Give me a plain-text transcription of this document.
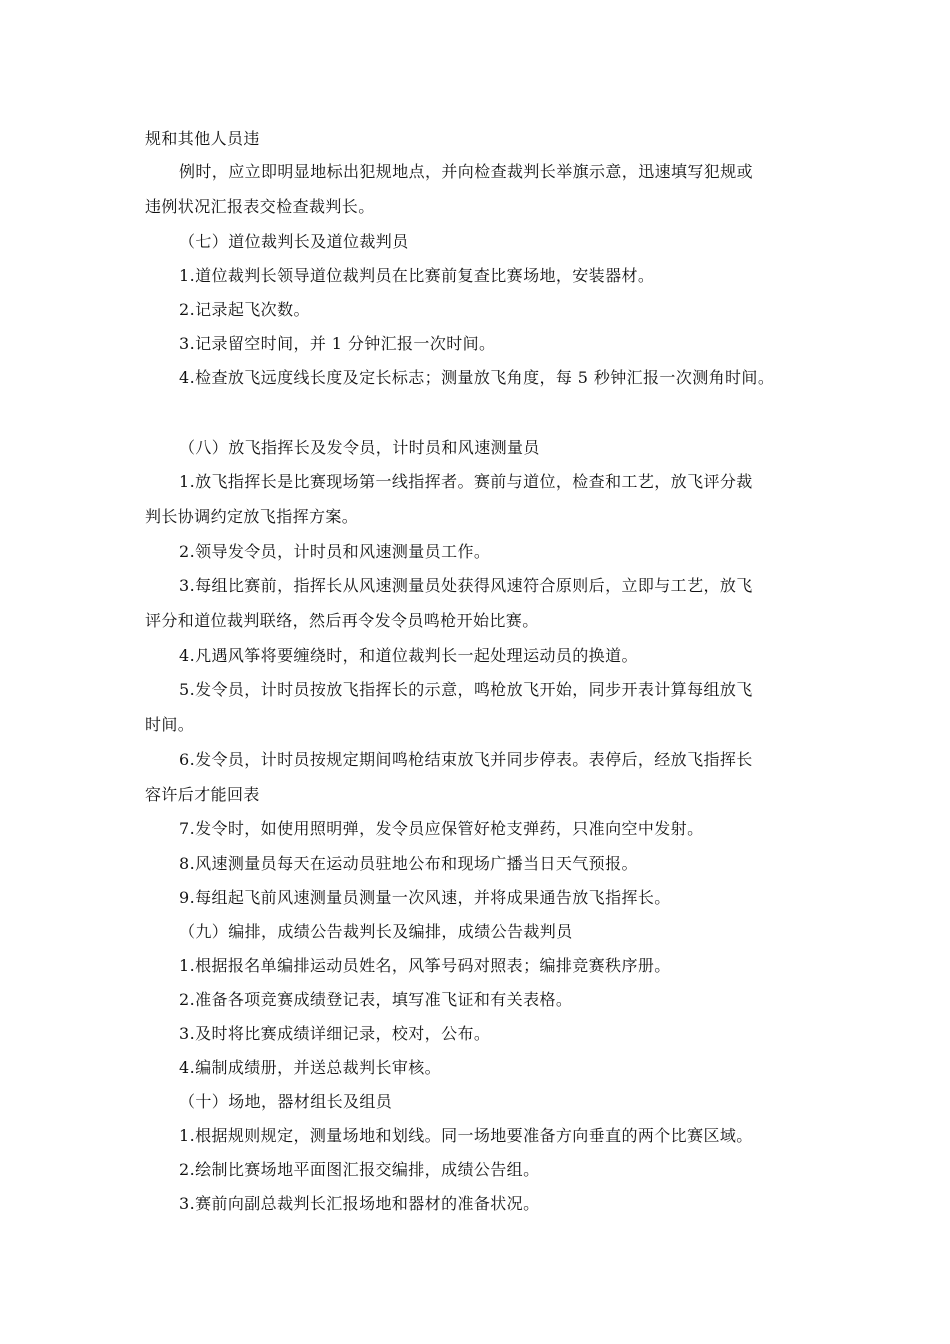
规和其他人员违
例时，应立即明显地标出犯规地点，并向检查裁判长举旗示意，迅速填写犯规或
违例状况汇报表交检查裁判长。
（七）道位裁判长及道位裁判员
1.道位裁判长领导道位裁判员在比赛前复查比赛场地，安装器材。
2.记录起飞次数。
3.记录留空时间，并 1 分钟汇报一次时间。
4.检查放飞远度线长度及定长标志；测量放飞角度，每 5 秒钟汇报一次测角时间。
（八）放飞指挥长及发令员，计时员和风速测量员
1.放飞指挥长是比赛现场第一线指挥者。赛前与道位，检查和工艺，放飞评分裁
判长协调约定放飞指挥方案。
2.领导发令员，计时员和风速测量员工作。
3.每组比赛前，指挥长从风速测量员处获得风速符合原则后，立即与工艺，放飞
评分和道位裁判联络，然后再令发令员鸣枪开始比赛。
4.凡遇风筝将要缠绕时，和道位裁判长一起处理运动员的换道。
5.发令员，计时员按放飞指挥长的示意，鸣枪放飞开始，同步开表计算每组放飞
时间。
6.发令员，计时员按规定期间鸣枪结束放飞并同步停表。表停后，经放飞指挥长
容许后才能回表
7.发令时，如使用照明弹，发令员应保管好枪支弹药，只准向空中发射。
8.风速测量员每天在运动员驻地公布和现场广播当日天气预报。
9.每组起飞前风速测量员测量一次风速，并将成果通告放飞指挥长。
（九）编排，成绩公告裁判长及编排，成绩公告裁判员
1.根据报名单编排运动员姓名，风筝号码对照表；编排竞赛秩序册。
2.准备各项竞赛成绩登记表，填写准飞证和有关表格。
3.及时将比赛成绩详细记录，校对，公布。
4.编制成绩册，并送总裁判长审核。
（十）场地，器材组长及组员
1.根据规则规定，测量场地和划线。同一场地要准备方向垂直的两个比赛区域。
2.绘制比赛场地平面图汇报交编排，成绩公告组。
3.赛前向副总裁判长汇报场地和器材的准备状况。
